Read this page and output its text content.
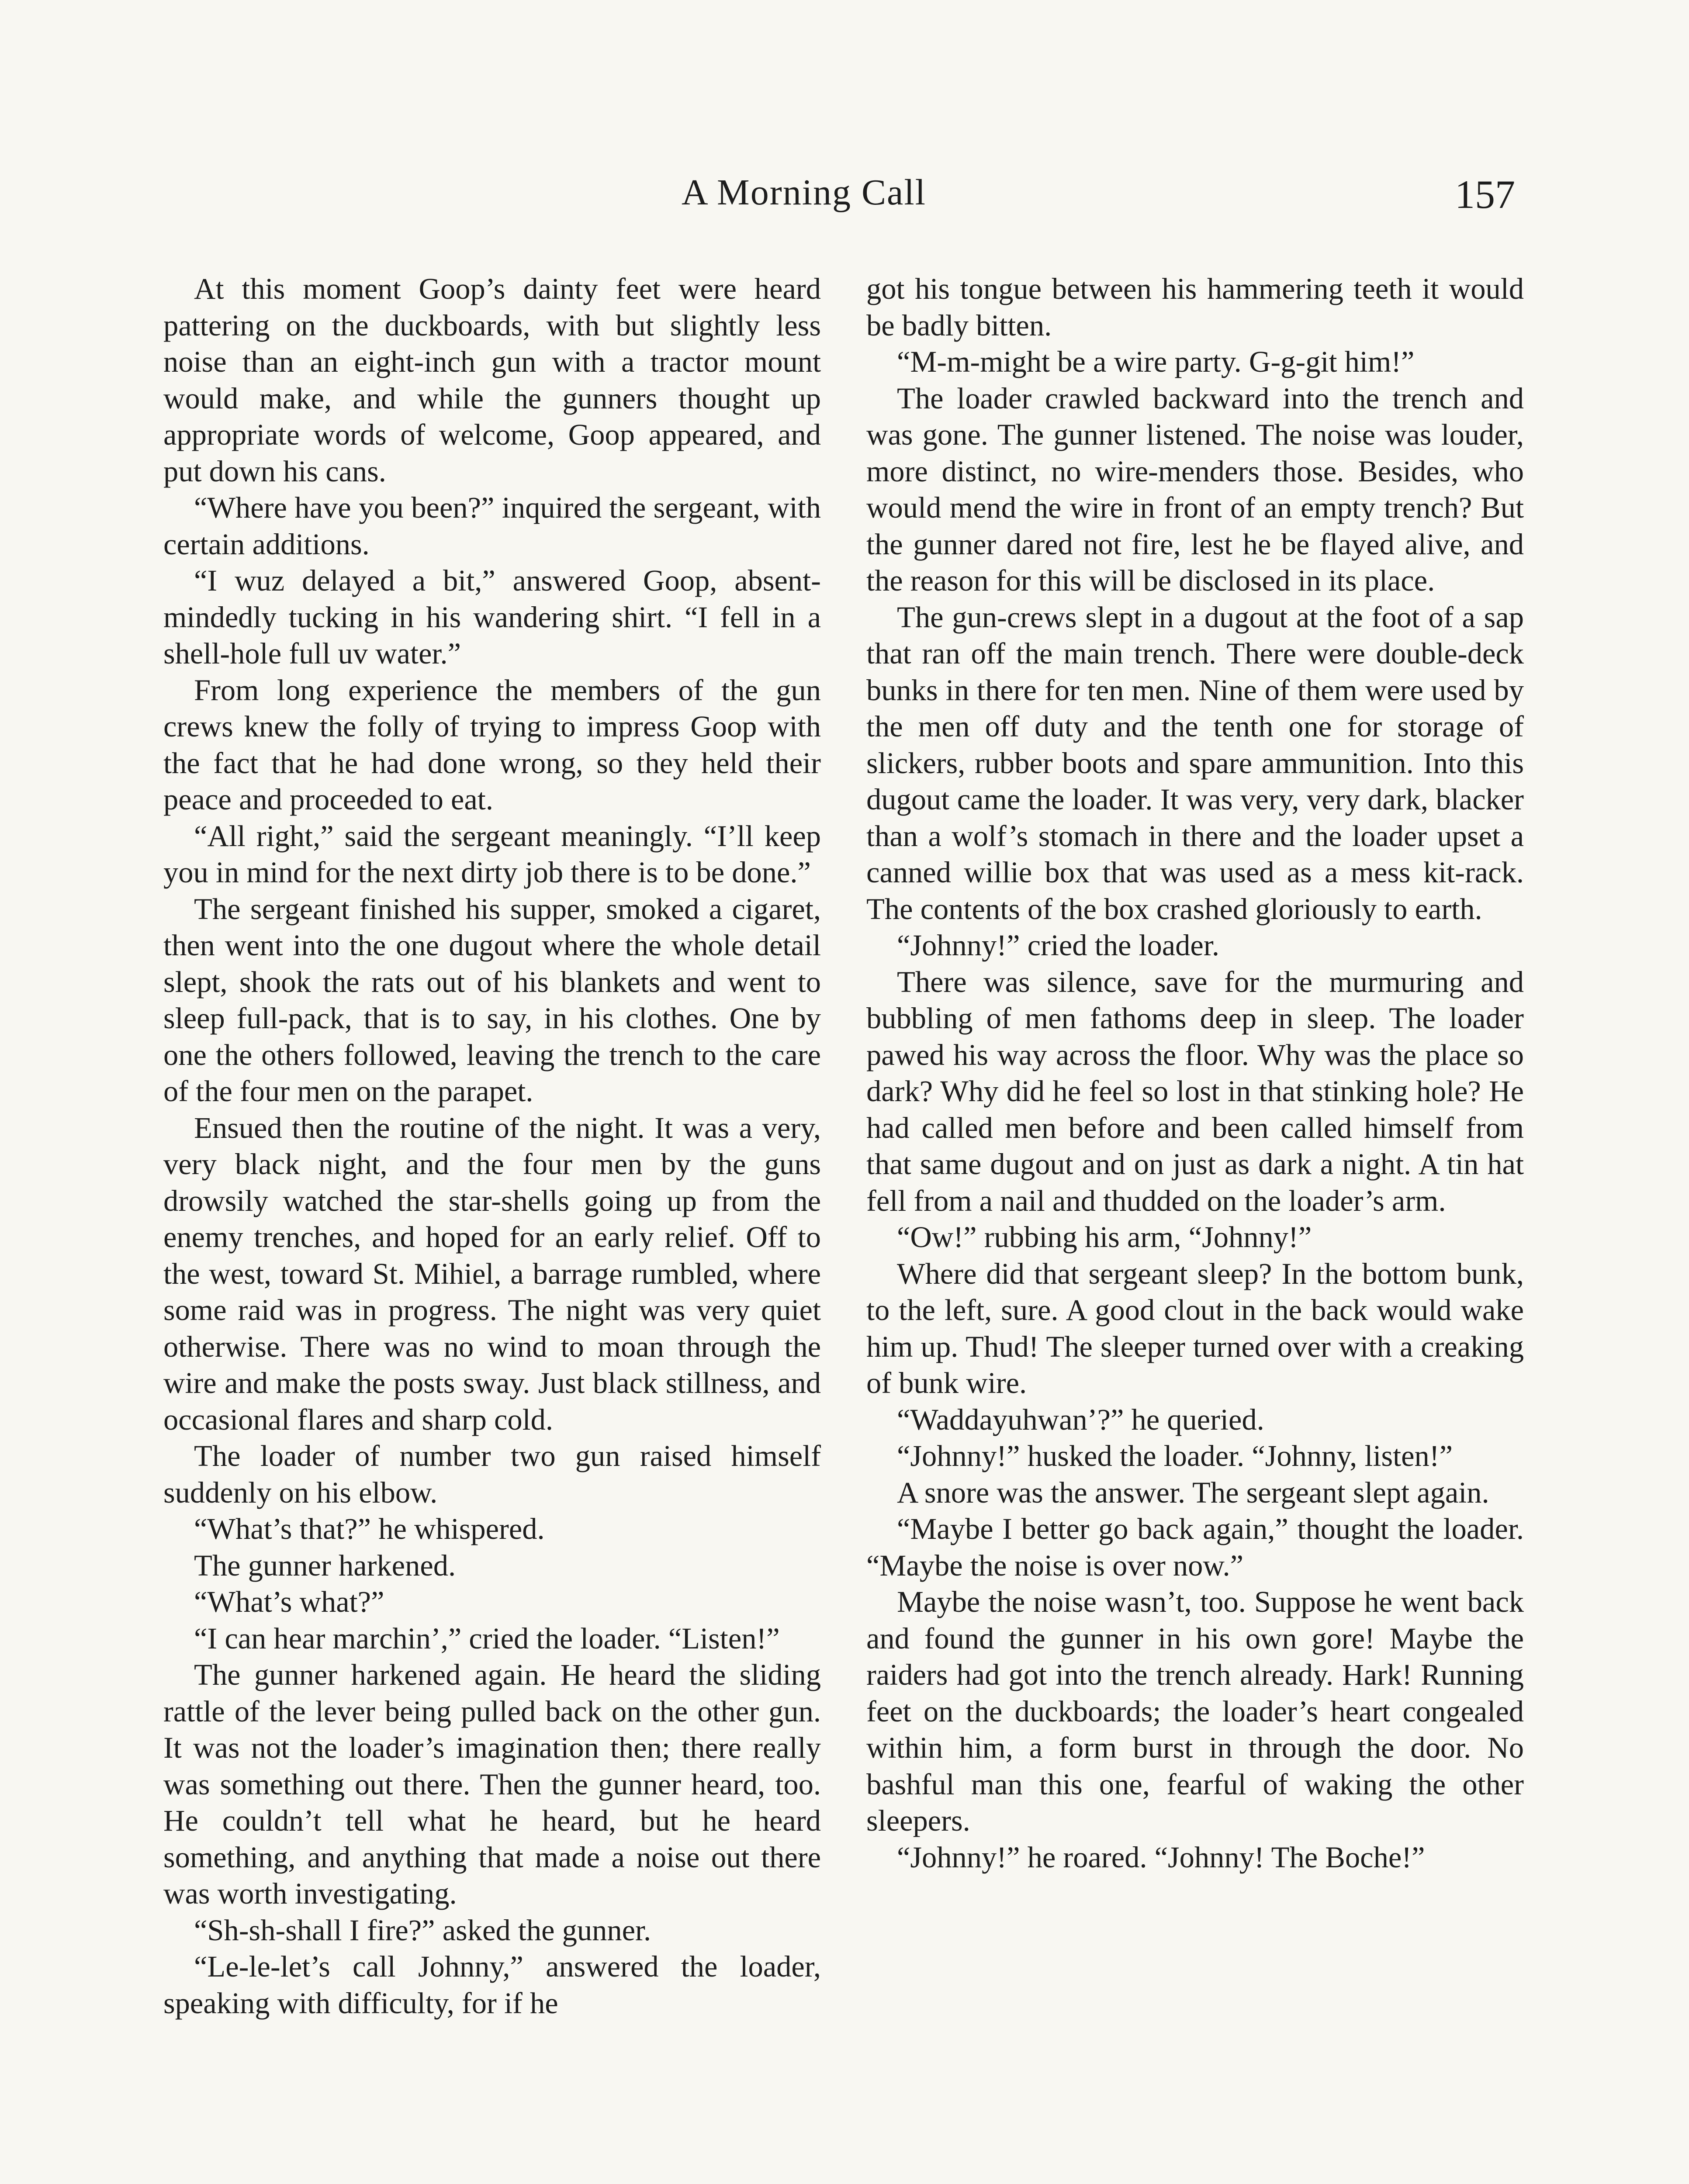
A Morning Call	157

At this moment Goop’s dainty feet were heard pattering on the duckboards, with but slightly less noise than an eight-inch gun with a tractor mount would make, and while the gunners thought up appropriate words of welcome, Goop appeared, and put down his cans.

“Where have you been?” inquired the sergeant, with certain additions.

“I wuz delayed a bit,” answered Goop, absent-mindedly tucking in his wandering shirt. “I fell in a shell-hole full uv water.”

From long experience the members of the gun crews knew the folly of trying to impress Goop with the fact that he had done wrong, so they held their peace and proceeded to eat.

“All right,” said the sergeant meaningly. “I’ll keep you in mind for the next dirty job there is to be done.”

The sergeant finished his supper, smoked a cigaret, then went into the one dugout where the whole detail slept, shook the rats out of his blankets and went to sleep full-pack, that is to say, in his clothes. One by one the others followed, leaving the trench to the care of the four men on the parapet.

Ensued then the routine of the night. It was a very, very black night, and the four men by the guns drowsily watched the star-shells going up from the enemy trenches, and hoped for an early relief. Off to the west, toward St. Mihiel, a barrage rumbled, where some raid was in progress. The night was very quiet otherwise. There was no wind to moan through the wire and make the posts sway. Just black stillness, and occasional flares and sharp cold.

The loader of number two gun raised himself suddenly on his elbow.

“What’s that?” he whispered.

The gunner harkened.

“What’s what?”

“I can hear marchin’,” cried the loader. “Listen!”

The gunner harkened again. He heard the sliding rattle of the lever being pulled back on the other gun. It was not the loader’s imagination then; there really was something out there. Then the gunner heard, too. He couldn’t tell what he heard, but he heard something, and anything that made a noise out there was worth investigating.

“Sh-sh-shall I fire?” asked the gunner.

“Le-le-let’s call Johnny,” answered the loader, speaking with difficulty, for if he

got his tongue between his hammering teeth it would be badly bitten.

“M-m-might be a wire party. G-g-git him!”

The loader crawled backward into the trench and was gone. The gunner listened. The noise was louder, more distinct, no wire-menders those. Besides, who would mend the wire in front of an empty trench? But the gunner dared not fire, lest he be flayed alive, and the reason for this will be disclosed in its place.

The gun-crews slept in a dugout at the foot of a sap that ran off the main trench. There were double-deck bunks in there for ten men. Nine of them were used by the men off duty and the tenth one for storage of slickers, rubber boots and spare ammunition. Into this dugout came the loader. It was very, very dark, blacker than a wolf’s stomach in there and the loader upset a canned willie box that was used as a mess kit-rack. The contents of the box crashed gloriously to earth.

“Johnny!” cried the loader.

There was silence, save for the murmuring and bubbling of men fathoms deep in sleep. The loader pawed his way across the floor. Why was the place so dark? Why did he feel so lost in that stinking hole? He had called men before and been called himself from that same dugout and on just as dark a night. A tin hat fell from a nail and thudded on the loader’s arm.

“Ow!” rubbing his arm, “Johnny!”

Where did that sergeant sleep? In the bottom bunk, to the left, sure. A good clout in the back would wake him up. Thud! The sleeper turned over with a creaking of bunk wire.

“Waddayuhwan’?” he queried.

“Johnny!” husked the loader. “Johnny, listen!”

A snore was the answer. The sergeant slept again.

“Maybe I better go back again,” thought the loader. “Maybe the noise is over now.”

Maybe the noise wasn’t, too. Suppose he went back and found the gunner in his own gore! Maybe the raiders had got into the trench already. Hark! Running feet on the duckboards; the loader’s heart congealed within him, a form burst in through the door. No bashful man this one, fearful of waking the other sleepers.

“Johnny!” he roared. “Johnny! The Boche!”
